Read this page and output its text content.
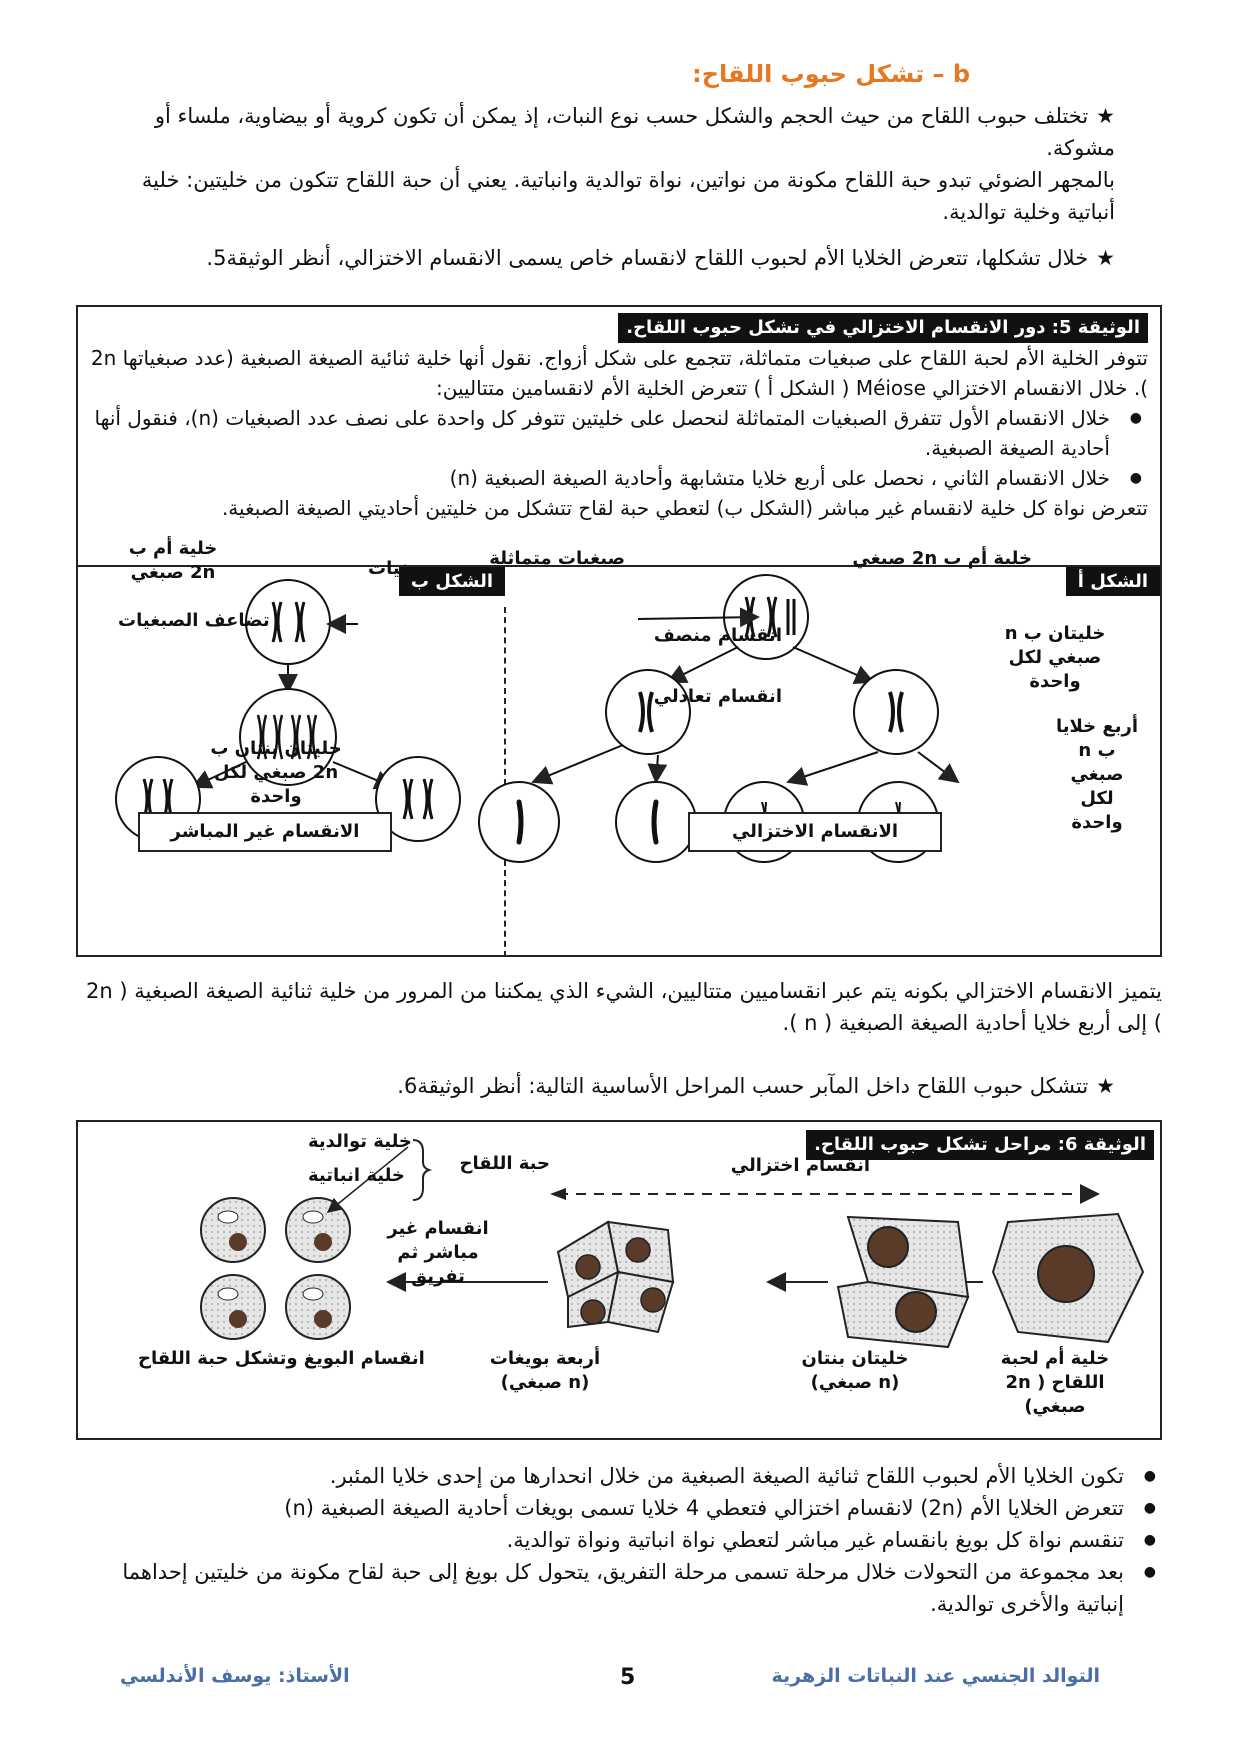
b – تشكل حبوب اللقاح:

★تختلف حبوب اللقاح من حيث الحجم والشكل حسب نوع النبات، إذ يمكن أن تكون كروية أو بيضاوية، ملساء أو مشوكة.

بالمجهر الضوئي تبدو حبة اللقاح مكونة من نواتين، نواة توالدية وانباتية. يعني أن حبة اللقاح تتكون من خليتين: خلية أنباتية وخلية توالدية.

★خلال تشكلها، تتعرض الخلايا الأم لحبوب اللقاح لانقسام خاص يسمى الانقسام الاختزالي، أنظر الوثيقة5.

الوثيقة 5: دور الانقسام الاختزالي في تشكل حبوب اللقاح.
تتوفر الخلية الأم لحبة اللقاح على صبغيات متماثلة، تتجمع على شكل أزواج. نقول أنها خلية ثنائية الصيغة الصبغية (عدد صبغياتها 2n ). خلال الانقسام الاختزالي Méiose ( الشكل أ ) تتعرض الخلية الأم لانقسامين متتاليين:
● خلال الانقسام الأول تتفرق الصبغيات المتماثلة لنحصل على خليتين تتوفر كل واحدة على نصف عدد الصبغيات (n)، فنقول أنها أحادية الصيغة الصبغية.
● خلال الانقسام الثاني ، نحصل على أربع خلايا متشابهة وأحادية الصيغة الصبغية (n)
تتعرض نواة كل خلية لانقسام غير مباشر (الشكل ب) لتعطي حبة لقاح تتشكل من خليتين أحاديتي الصيغة الصبغية.
الشكل أ
الشكل ب
خلية أم ب 2n صبغي
صبغيات متماثلة
انقسام منصف	خليتان ب n صبغي لكل واحدة
انقسام تعادلي
أربع خلايا ب n صبغي لكل واحدة
الانقسام الاختزالي
خلية أم ب 2n صبغي	صبغيات
تضاعف الصبغيات
خليتان بنتان ب 2n صبغي لكل واحدة
الانقسام غير المباشر
يتميز الانقسام الاختزالي بكونه يتم عبر انقساميين متتاليين، الشيء الذي يمكننا من المرور من خلية ثنائية الصيغة الصبغية ( 2n ) إلى أربع خلايا أحادية الصيغة الصبغية ( n ).

★تتشكل حبوب اللقاح داخل المآبر حسب المراحل الأساسية التالية: أنظر الوثيقة6.

الوثيقة 6: مراحل تشكل حبوب اللقاح.
انقسام اختزالي
حبة اللقاح
خلية توالدية
خلية انباتية
انقسام غير مباشر ثم تفريق
خلية أم لحبة اللقاح ( 2n صبغي)
خليتان بنتان (n صبغي)
أربعة بويغات (n صبغي)
انقسام البويغ وتشكل حبة اللقاح
● تكون الخلايا الأم لحبوب اللقاح ثنائية الصيغة الصبغية من خلال انحدارها من إحدى خلايا المئبر.
● تتعرض الخلايا الأم (2n) لانقسام اختزالي فتعطي 4 خلايا تسمى بويغات أحادية الصيغة الصبغية (n)
● تنقسم نواة كل بويغ بانقسام غير مباشر لتعطي نواة انباتية ونواة توالدية.
● بعد مجموعة من التحولات خلال مرحلة تسمى مرحلة التفريق، يتحول كل بويغ إلى حبة لقاح مكونة من خليتين إحداهما إنباتية والأخرى توالدية.
التوالد الجنسي عند النباتات الزهرية
5
الأستاذ: يوسف الأندلسي
